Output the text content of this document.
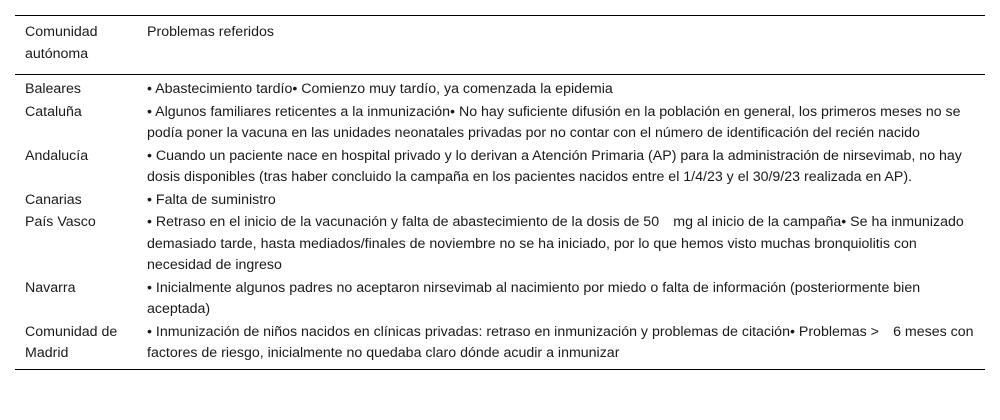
Comunidad autónoma	Problemas referidos
Baleares	• Abastecimiento tardío• Comienzo muy tardío, ya comenzada la epidemia
Cataluña	• Algunos familiares reticentes a la inmunización• No hay suficiente difusión en la población en general, los primeros meses no se podía poner la vacuna en las unidades neonatales privadas por no contar con el número de identificación del recién nacido
Andalucía	• Cuando un paciente nace en hospital privado y lo derivan a Atención Primaria (AP) para la administración de nirsevimab, no hay dosis disponibles (tras haber concluido la campaña en los pacientes nacidos entre el 1/4/23 y el 30/9/23 realizada en AP).
Canarias	• Falta de suministro
País Vasco	• Retraso en el inicio de la vacunación y falta de abastecimiento de la dosis de 50 mg al inicio de la campaña• Se ha inmunizado demasiado tarde, hasta mediados/finales de noviembre no se ha iniciado, por lo que hemos visto muchas bronquiolitis con necesidad de ingreso
Navarra	• Inicialmente algunos padres no aceptaron nirsevimab al nacimiento por miedo o falta de información (posteriormente bien aceptada)
Comunidad de Madrid	• Inmunización de niños nacidos en clínicas privadas: retraso en inmunización y problemas de citación• Problemas > 6 meses con factores de riesgo, inicialmente no quedaba claro dónde acudir a inmunizar
